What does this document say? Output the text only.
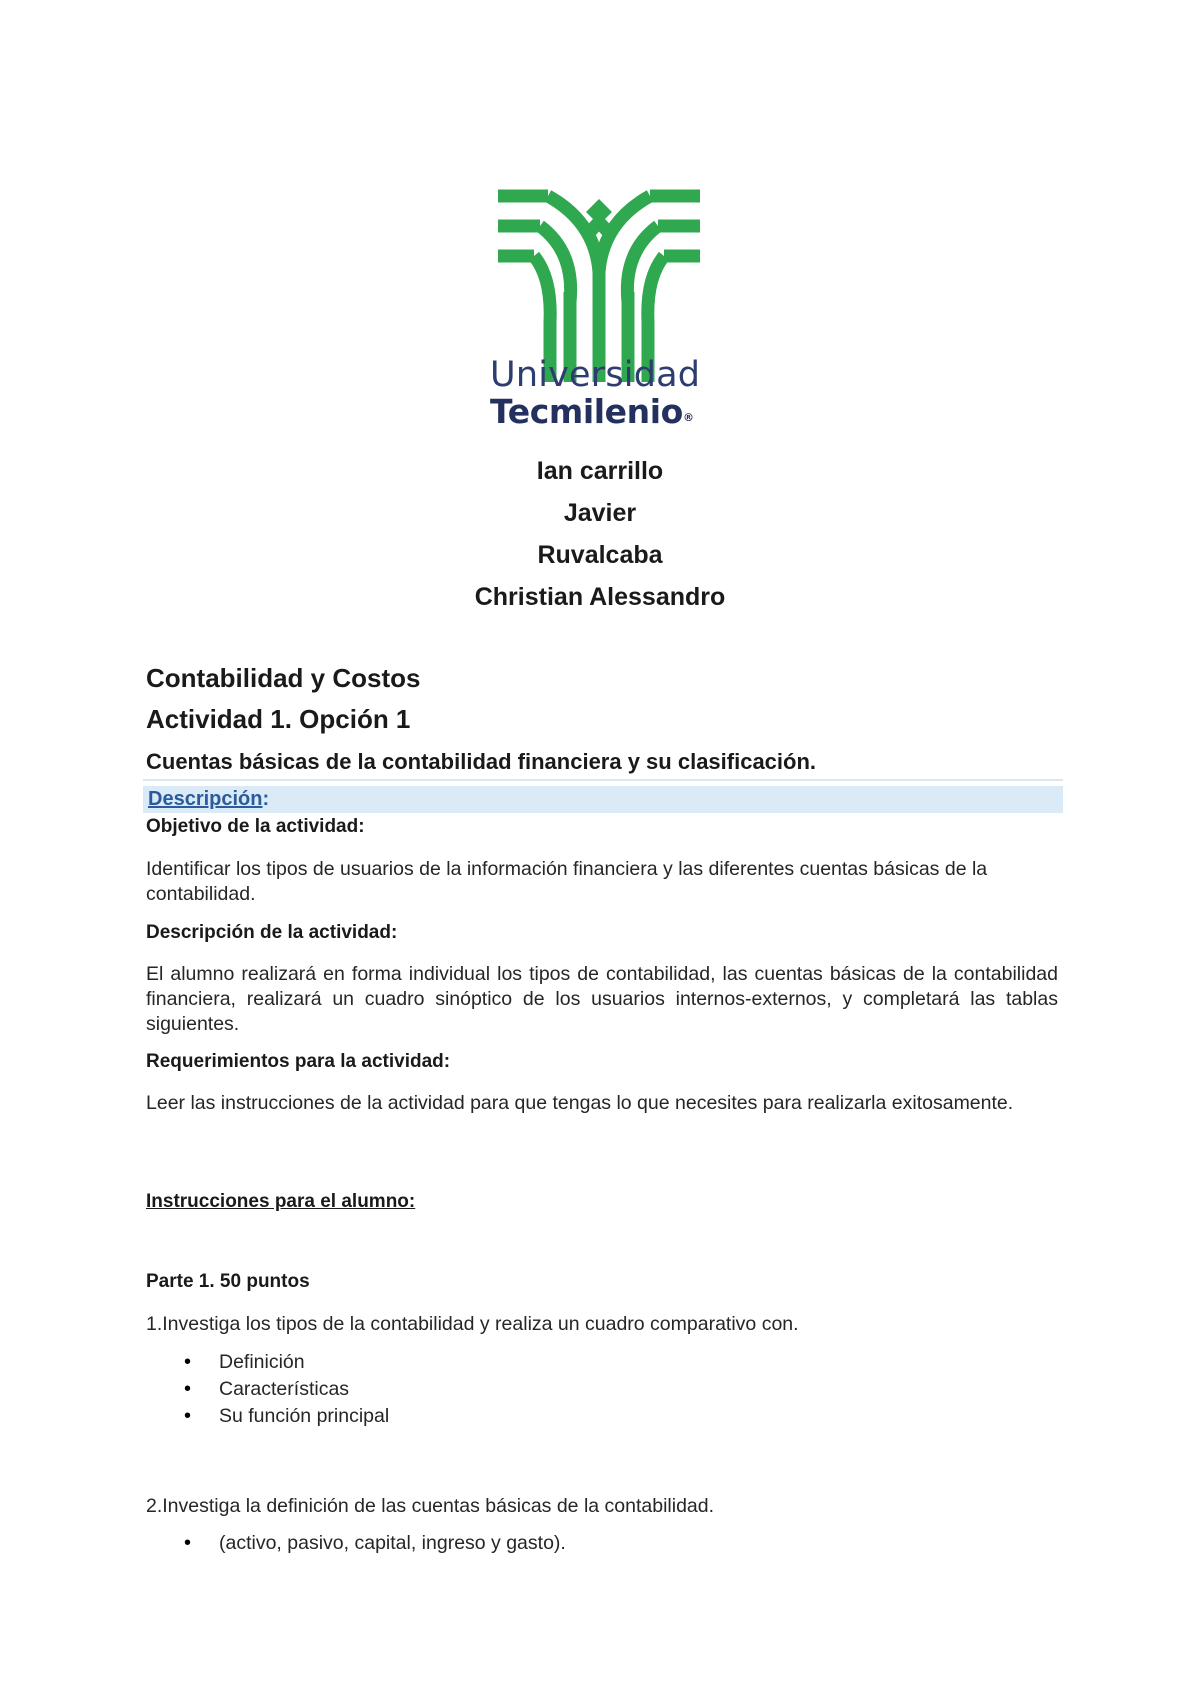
Universidad
Tecmilenio®
Ian carrillo
Javier
Ruvalcaba
Christian Alessandro
Contabilidad y Costos
Actividad 1. Opción 1
Cuentas básicas de la contabilidad financiera y su clasificación.
Descripción:
Objetivo de la actividad:
Identificar los tipos de usuarios de la información financiera y las diferentes cuentas básicas de la contabilidad.
Descripción de la actividad:
El alumno realizará en forma individual los tipos de contabilidad, las cuentas básicas de la contabilidad financiera, realizará un cuadro sinóptico de los usuarios internos-externos, y completará las tablas siguientes.
Requerimientos para la actividad:
Leer las instrucciones de la actividad para que tengas lo que necesites para realizarla exitosamente.
Instrucciones para el alumno:
Parte 1. 50 puntos
1.Investiga los tipos de la contabilidad y realiza un cuadro comparativo con.
• Definición
• Características
• Su función principal
2.Investiga la definición de las cuentas básicas de la contabilidad.
• (activo, pasivo, capital, ingreso y gasto).
